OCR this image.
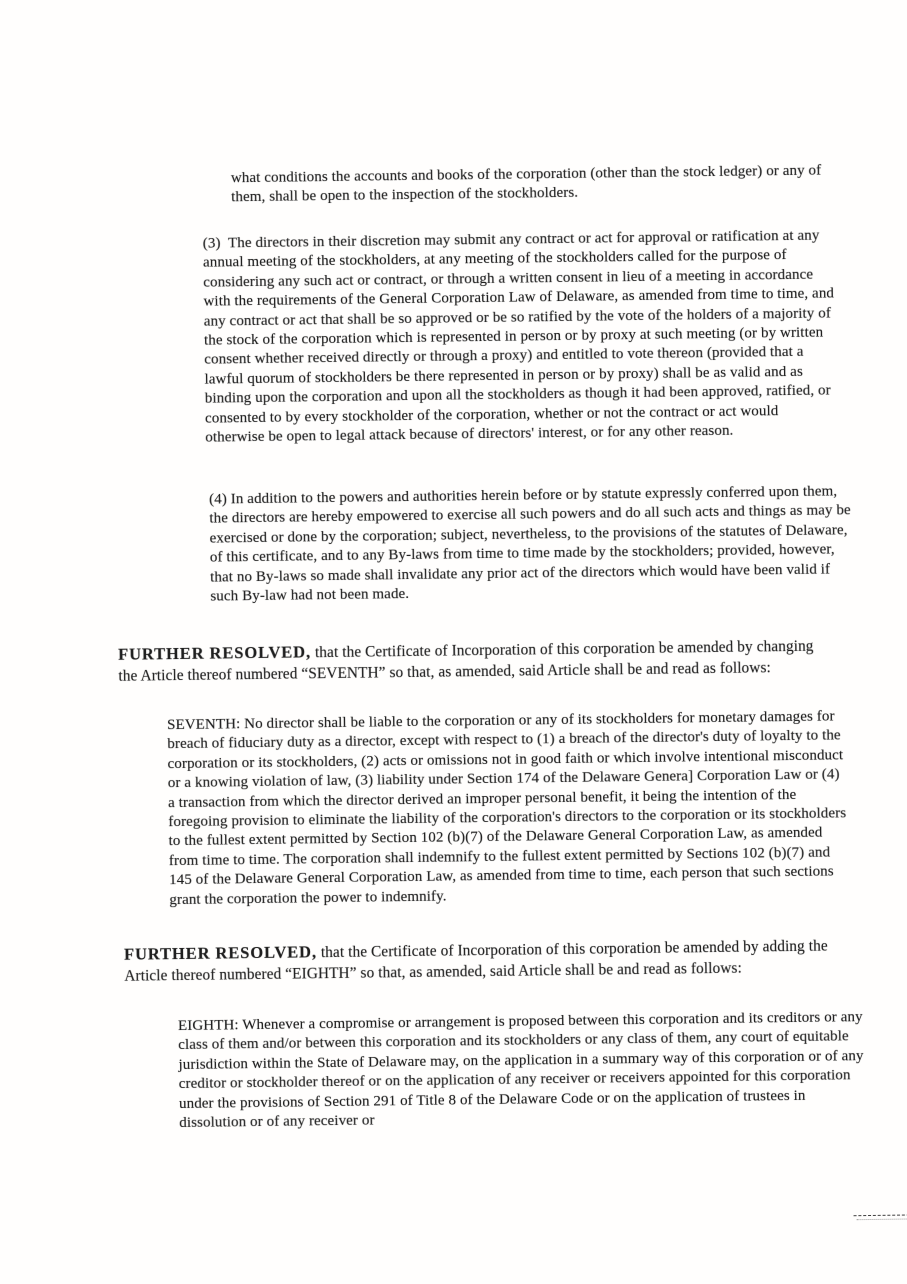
what conditions the accounts and books of the corporation (other than the stock ledger) or any of them, shall be open to the inspection of the stockholders.
(3)  The directors in their discretion may submit any contract or act for approval or ratification at any annual meeting of the stockholders, at any meeting of the stockholders called for the purpose of considering any such act or contract, or through a written consent in lieu of a meeting in accordance with the requirements of the General Corporation Law of Delaware, as amended from time to time, and any contract or act that shall be so approved or be so ratified by the vote of the holders of a majority of the stock of the corporation which is represented in person or by proxy at such meeting (or by written consent whether received directly or through a proxy) and entitled to vote thereon (provided that a lawful quorum of stockholders be there represented in person or by proxy) shall be as valid and as binding upon the corporation and upon all the stockholders as though it had been approved, ratified, or consented to by every stockholder of the corporation, whether or not the contract or act would otherwise be open to legal attack because of directors' interest, or for any other reason.
(4) In addition to the powers and authorities herein before or by statute expressly conferred upon them, the directors are hereby empowered to exercise all such powers and do all such acts and things as may be exercised or done by the corporation; subject, nevertheless, to the provisions of the statutes of Delaware, of this certificate, and to any By-laws from time to time made by the stockholders; provided, however, that no By-laws so made shall invalidate any prior act of the directors which would have been valid if such By-law had not been made.
FURTHER RESOLVED, that the Certificate of Incorporation of this corporation be amended by changing the Article thereof numbered “SEVENTH” so that, as amended, said Article shall be and read as follows:
SEVENTH: No director shall be liable to the corporation or any of its stockholders for monetary damages for breach of fiduciary duty as a director, except with respect to (1) a breach of the director's duty of loyalty to the corporation or its stockholders, (2) acts or omissions not in good faith or which involve intentional misconduct or a knowing violation of law, (3) liability under Section 174 of the Delaware Genera] Corporation Law or (4) a transaction from which the director derived an improper personal benefit, it being the intention of the foregoing provision to eliminate the liability of the corporation's directors to the corporation or its stockholders to the fullest extent permitted by Section 102 (b)(7) of the Delaware General Corporation Law, as amended from time to time. The corporation shall indemnify to the fullest extent permitted by Sections 102 (b)(7) and 145 of the Delaware General Corporation Law, as amended from time to time, each person that such sections grant the corporation the power to indemnify.
FURTHER RESOLVED, that the Certificate of Incorporation of this corporation be amended by adding the Article thereof numbered “EIGHTH” so that, as amended, said Article shall be and read as follows:
EIGHTH: Whenever a compromise or arrangement is proposed between this corporation and its creditors or any class of them and/or between this corporation and its stockholders or any class of them, any court of equitable jurisdiction within the State of Delaware may, on the application in a summary way of this corporation or of any creditor or stockholder thereof or on the application of any receiver or receivers appointed for this corporation under the provisions of Section 291 of Title 8 of the Delaware Code or on the application of trustees in dissolution or of any receiver or
